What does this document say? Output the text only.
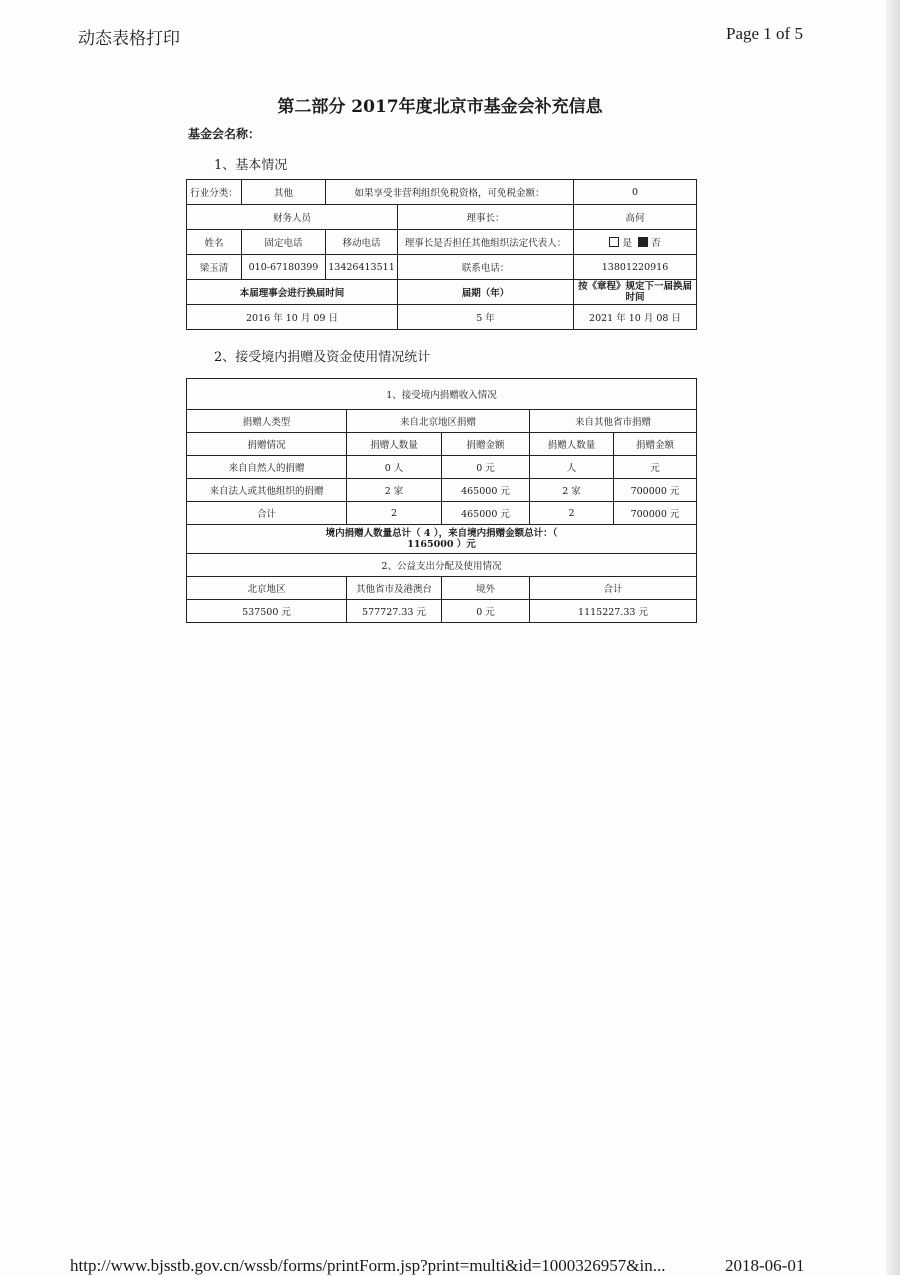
动态表格打印	Page 1 of 5
第二部分 2017年度北京市基金会补充信息
基金会名称：
1、基本情况
行业分类：	其他	如果享受非营利组织免税资格，可免税金额：		0
财务人员			理事长：	高何
姓名	固定电话	移动电话	理事长是否担任其他组织法定代表人：	是 否
梁玉清	010-67180399	13426413511	联系电话：	13801220916
本届理事会进行换届时间			届期（年）	按《章程》规定下一届换届时间
2016 年 10 月 09 日			5 年	2021 年 10 月 08 日
2、接受境内捐赠及资金使用情况统计
1、接受境内捐赠收入情况				
捐赠人类型	来自北京地区捐赠		来自其他省市捐赠	
捐赠情况	捐赠人数量	捐赠金额	捐赠人数量	捐赠金额
来自自然人的捐赠	0 人	0 元	人	元
来自法人或其他组织的捐赠	2 家	465000 元	2 家	700000 元
合计	2	465000 元	2	700000 元

境内捐赠人数量总计（ 4 ），来自境内捐赠金额总计：（
1165000 ）元				

2、公益支出分配及使用情况				
北京地区	其他省市及港澳台	境外	合计	
537500 元	577727.33 元	0 元	1115227.33 元	
http://www.bjsstb.gov.cn/wssb/forms/printForm.jsp?print=multi&id=1000326957&in...	2018-06-01
